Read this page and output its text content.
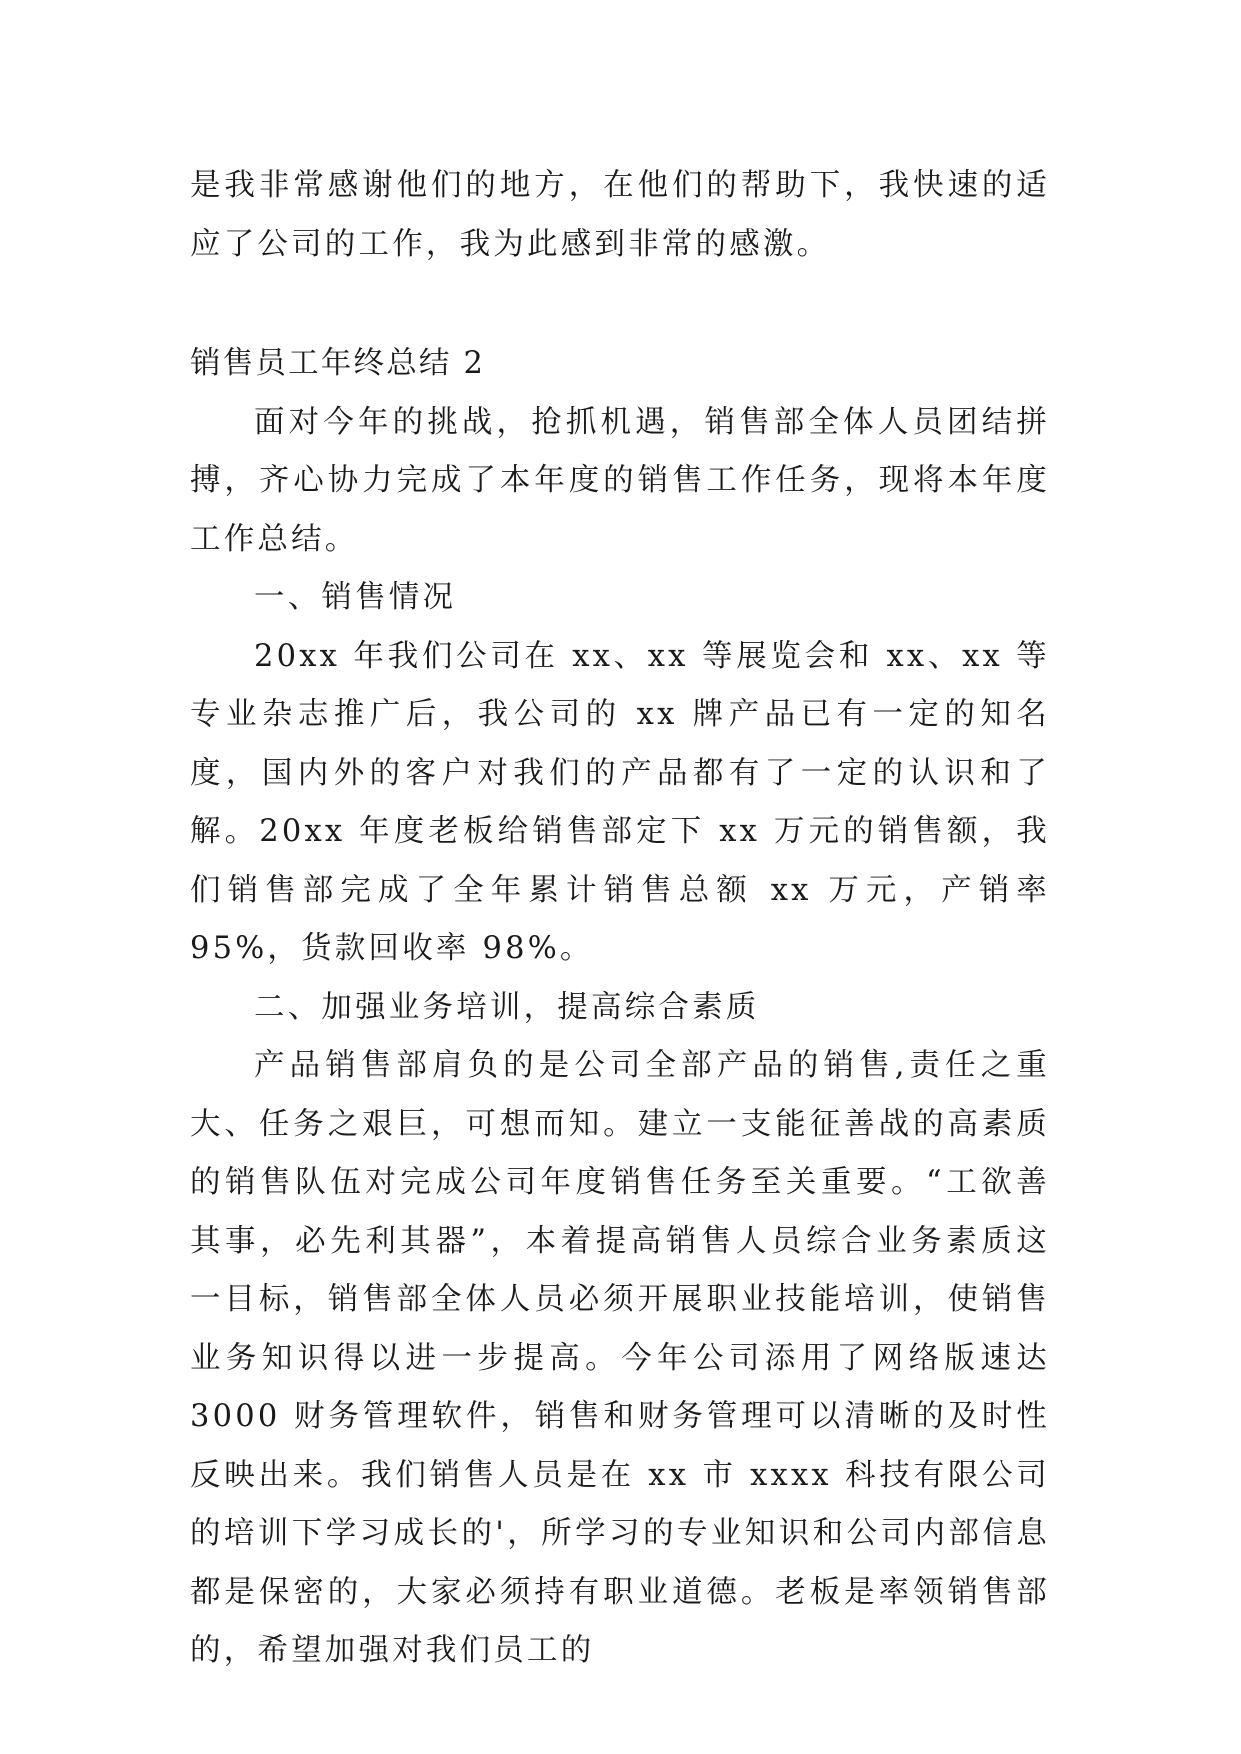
是我非常感谢他们的地方，在他们的帮助下，我快速的适应了公司的工作，我为此感到非常的感激。

销售员工年终总结 2

面对今年的挑战，抢抓机遇，销售部全体人员团结拼搏，齐心协力完成了本年度的销售工作任务，现将本年度工作总结。

一、销售情况

20xx 年我们公司在 xx、xx 等展览会和 xx、xx 等专业杂志推广后，我公司的 xx 牌产品已有一定的知名度，国内外的客户对我们的产品都有了一定的认识和了解。20xx 年度老板给销售部定下 xx 万元的销售额，我们销售部完成了全年累计销售总额 xx 万元，产销率 95%，货款回收率 98%。

二、加强业务培训，提高综合素质

产品销售部肩负的是公司全部产品的销售,责任之重大、任务之艰巨，可想而知。建立一支能征善战的高素质的销售队伍对完成公司年度销售任务至关重要。“工欲善其事，必先利其器”，本着提高销售人员综合业务素质这一目标，销售部全体人员必须开展职业技能培训，使销售业务知识得以进一步提高。今年公司添用了网络版速达 3000 财务管理软件，销售和财务管理可以清晰的及时性反映出来。我们销售人员是在 xx 市 xxxx 科技有限公司的培训下学习成长的'，所学习的专业知识和公司内部信息都是保密的，大家必须持有职业道德。老板是率领销售部的，希望加强对我们员工的
